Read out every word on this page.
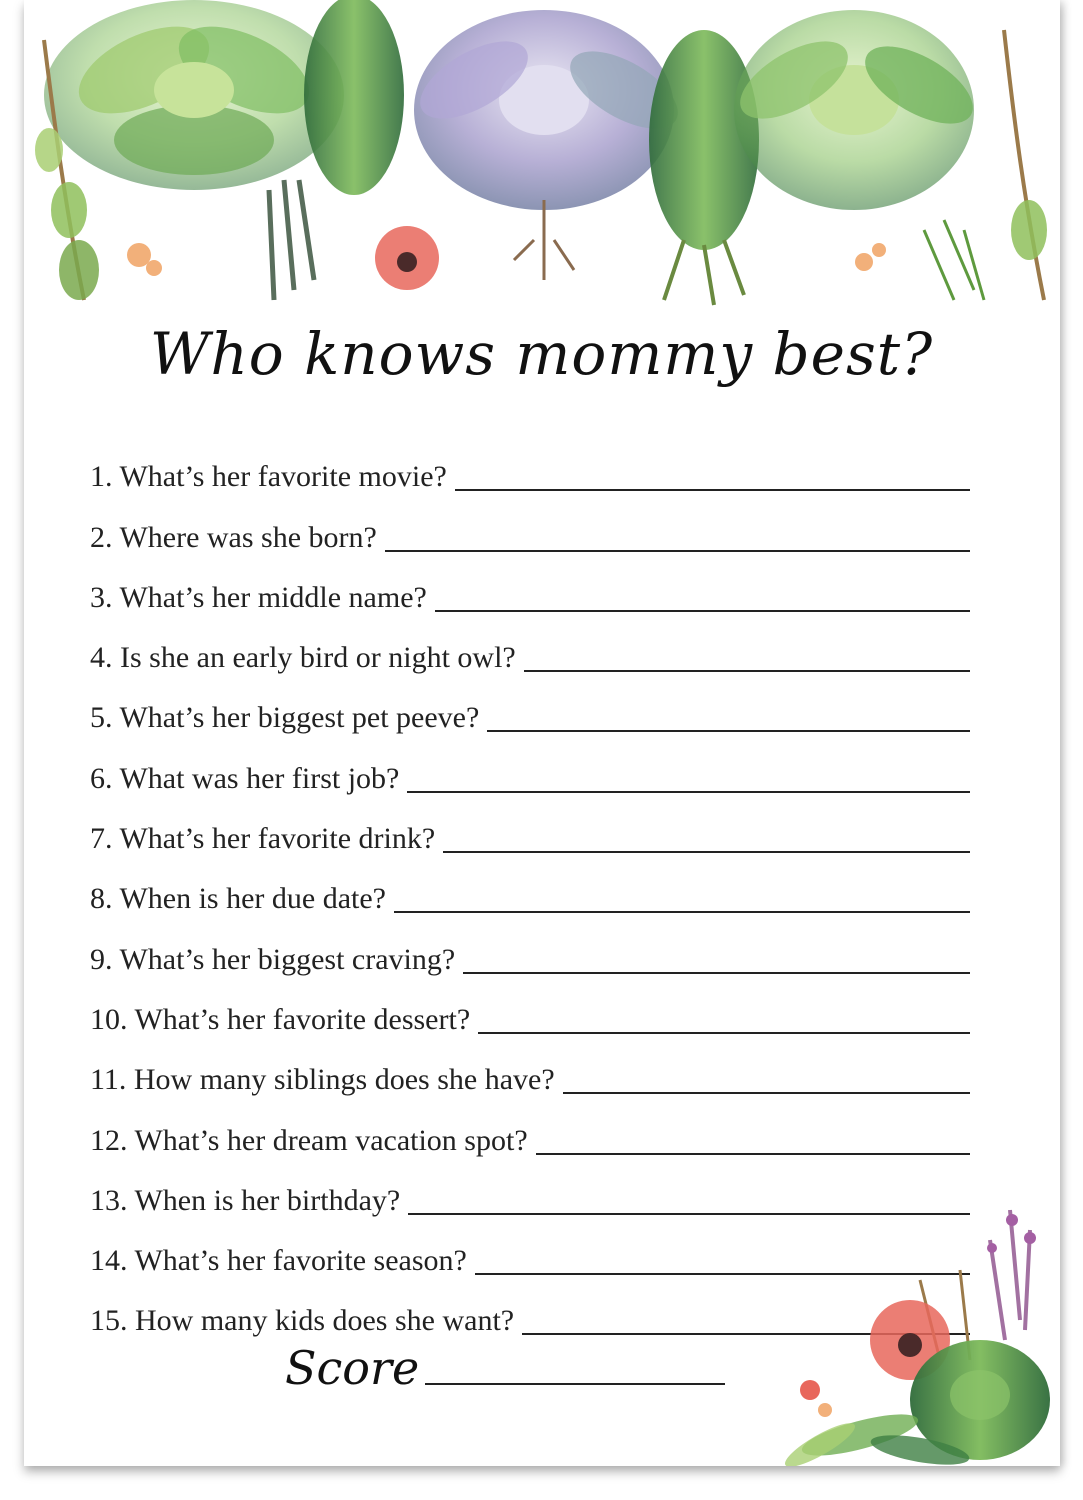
Who knows mommy best?
1. What’s her favorite movie?
2. Where was she born?
3. What’s her middle name?
4. Is she an early bird or night owl?
5. What’s her biggest pet peeve?
6. What was her first job?
7. What’s her favorite drink?
8. When is her due date?
9. What’s her biggest craving?
10. What’s her favorite dessert?
11. How many siblings does she have?
12. What’s her dream vacation spot?
13. When is her birthday?
14. What’s her favorite season?
15. How many kids does she want?
Score
